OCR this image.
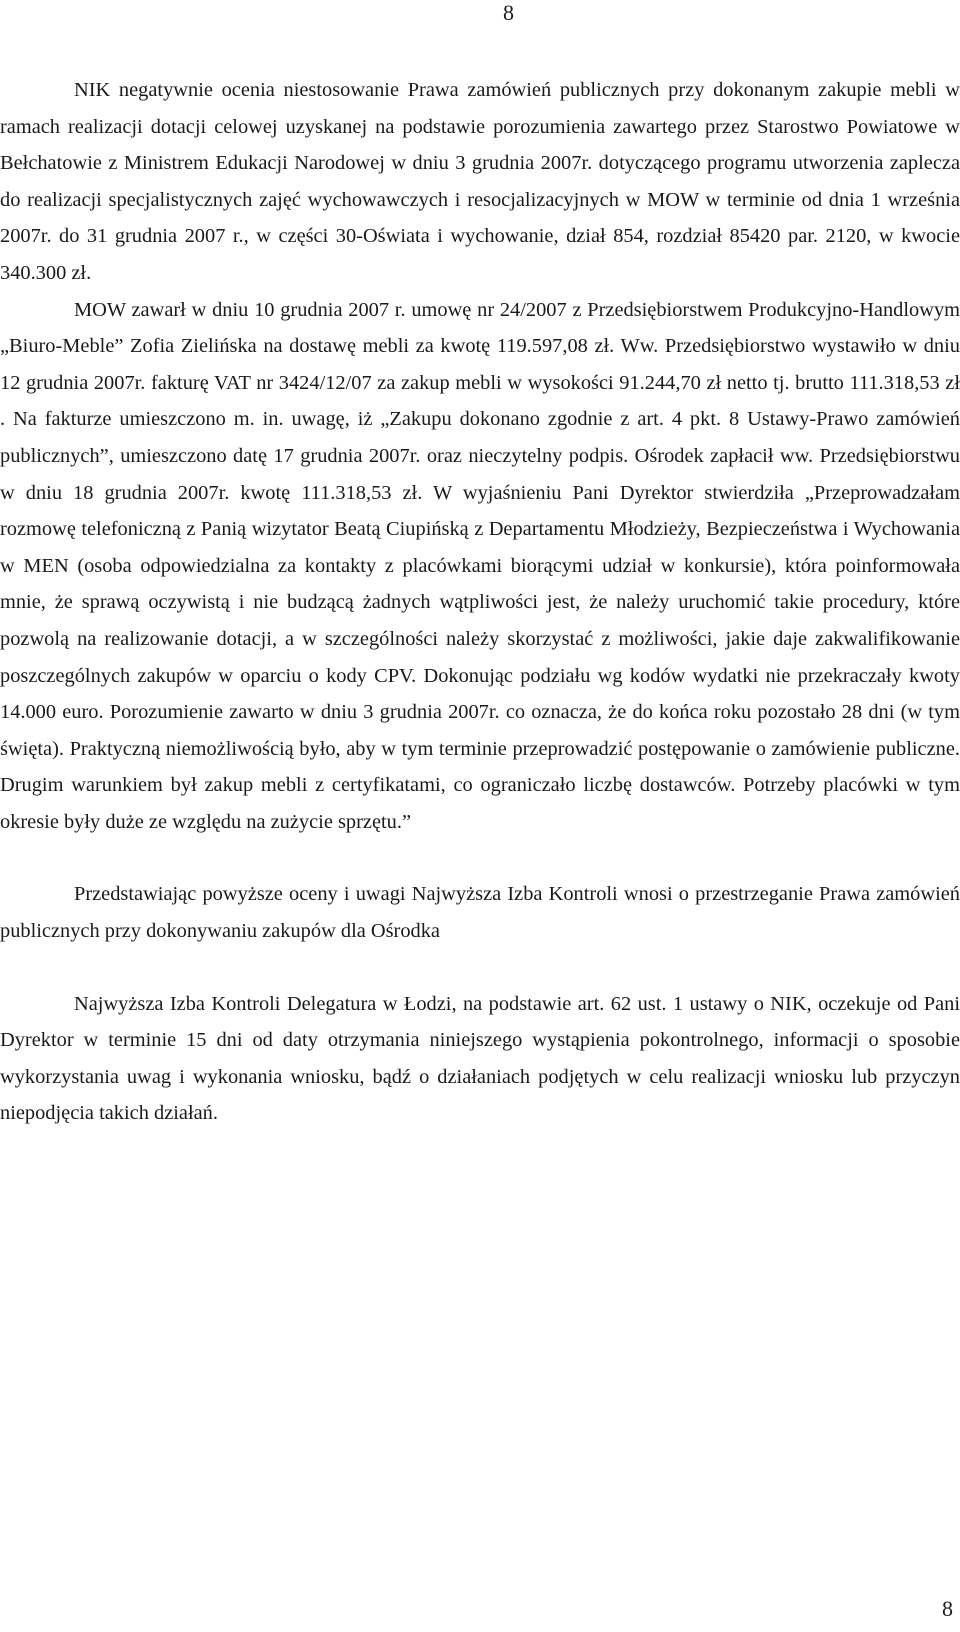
8

NIK negatywnie ocenia niestosowanie Prawa zamówień publicznych przy dokonanym zakupie mebli w ramach realizacji dotacji celowej uzyskanej na podstawie porozumienia zawartego przez Starostwo Powiatowe w Bełchatowie z Ministrem Edukacji Narodowej w dniu 3 grudnia 2007r. dotyczącego programu utworzenia zaplecza do realizacji specjalistycznych zajęć wychowawczych i resocjalizacyjnych w MOW w terminie od dnia 1 września 2007r. do 31 grudnia 2007 r., w części 30-Oświata i wychowanie, dział 854, rozdział 85420 par. 2120, w kwocie 340.300 zł.

MOW zawarł w dniu 10 grudnia 2007 r. umowę nr 24/2007 z Przedsiębiorstwem Produkcyjno-Handlowym „Biuro-Meble” Zofia Zielińska na dostawę mebli za kwotę 119.597,08 zł. Ww. Przedsiębiorstwo wystawiło w dniu 12 grudnia 2007r. fakturę VAT nr 3424/12/07 za zakup mebli w wysokości 91.244,70 zł netto tj. brutto 111.318,53 zł . Na fakturze umieszczono m. in. uwagę, iż „Zakupu dokonano zgodnie z art. 4 pkt. 8 Ustawy-Prawo zamówień publicznych”, umieszczono datę 17 grudnia 2007r. oraz nieczytelny podpis. Ośrodek zapłacił ww. Przedsiębiorstwu w dniu 18 grudnia 2007r. kwotę 111.318,53 zł. W wyjaśnieniu Pani Dyrektor stwierdziła „Przeprowadzałam rozmowę telefoniczną z Panią wizytator Beatą Ciupińską z Departamentu Młodzieży, Bezpieczeństwa i Wychowania w MEN (osoba odpowiedzialna za kontakty z placówkami biorącymi udział w konkursie), która poinformowała mnie, że sprawą oczywistą i nie budzącą żadnych wątpliwości jest, że należy uruchomić takie procedury, które pozwolą na realizowanie dotacji, a w szczególności należy skorzystać z możliwości, jakie daje zakwalifikowanie poszczególnych zakupów w oparciu o kody CPV. Dokonując podziału wg kodów wydatki nie przekraczały kwoty 14.000 euro. Porozumienie zawarto w dniu 3 grudnia 2007r. co oznacza, że do końca roku pozostało 28 dni (w tym święta). Praktyczną niemożliwością było, aby w tym terminie przeprowadzić postępowanie o zamówienie publiczne. Drugim warunkiem był zakup mebli z certyfikatami, co ograniczało liczbę dostawców. Potrzeby placówki w tym okresie były duże ze względu na zużycie sprzętu.”

Przedstawiając powyższe oceny i uwagi Najwyższa Izba Kontroli wnosi o przestrzeganie Prawa zamówień publicznych przy dokonywaniu zakupów dla Ośrodka

Najwyższa Izba Kontroli Delegatura w Łodzi, na podstawie art. 62 ust. 1 ustawy o NIK, oczekuje od Pani Dyrektor w terminie 15 dni od daty otrzymania niniejszego wystąpienia pokontrolnego, informacji o sposobie wykorzystania uwag i wykonania wniosku, bądź o działaniach podjętych w celu realizacji wniosku lub przyczyn niepodjęcia takich działań.

8
